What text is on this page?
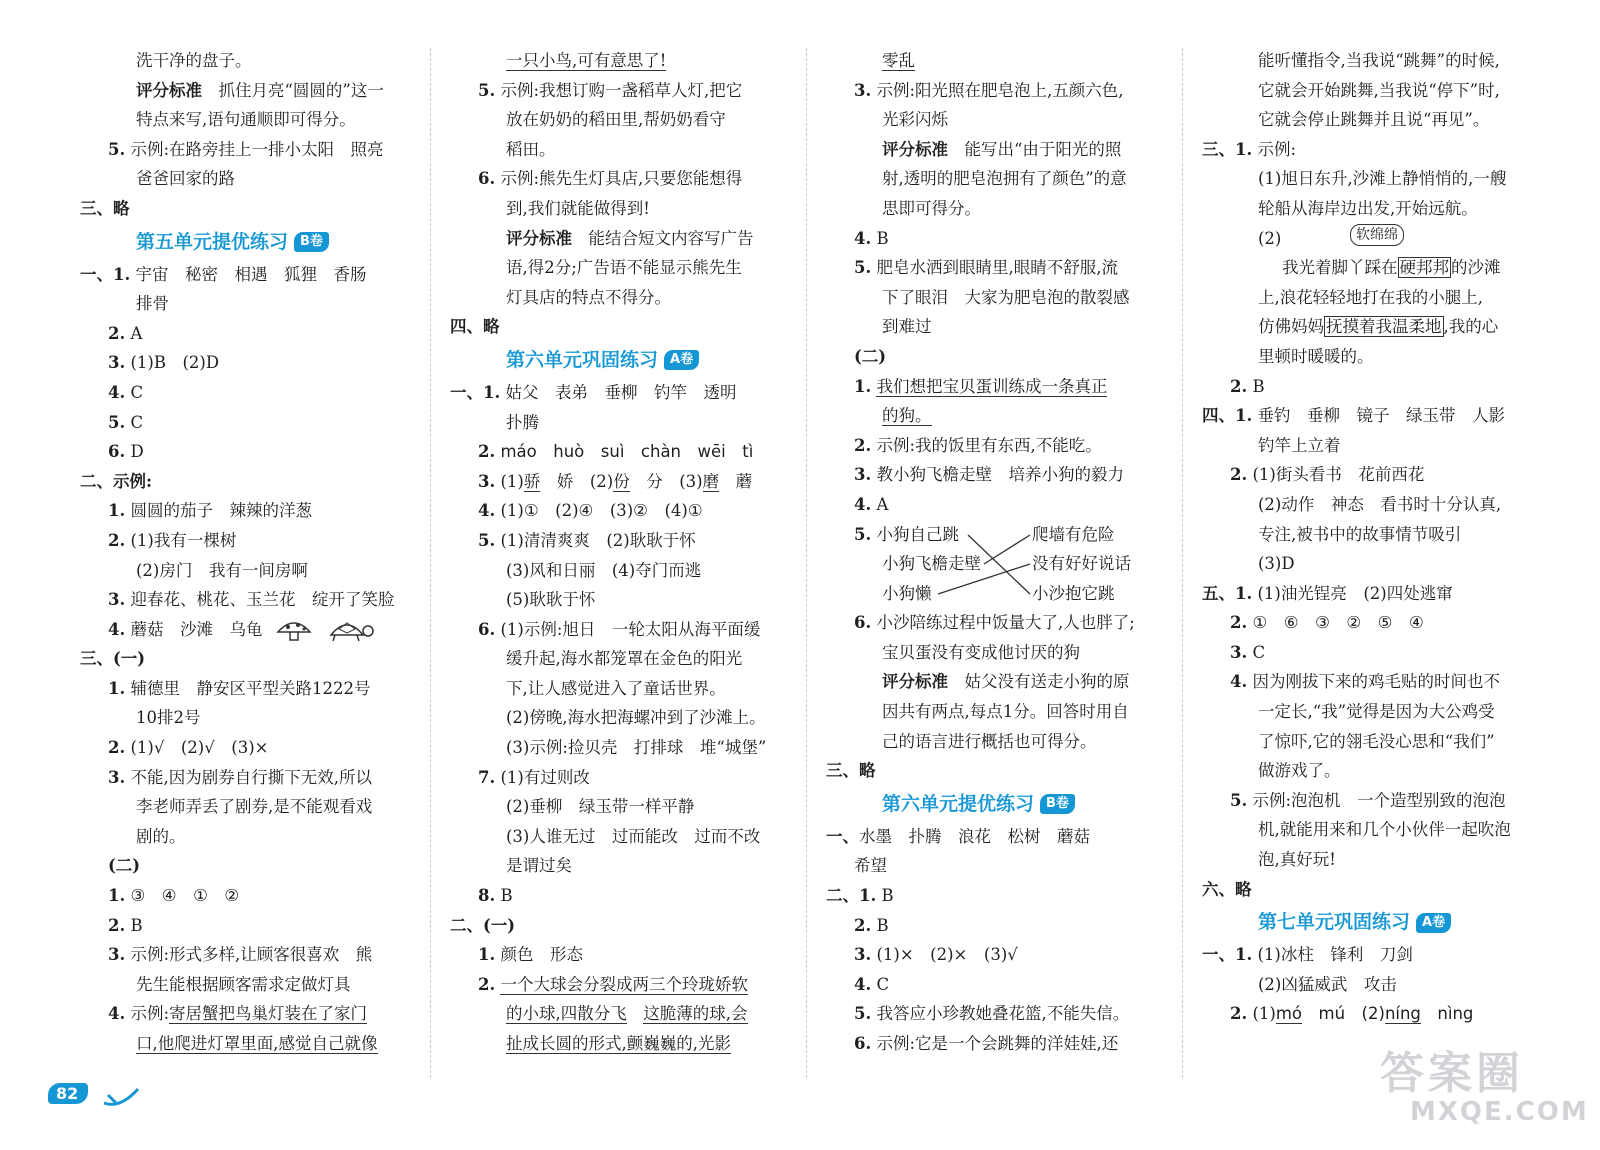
洗干净的盘子。
评分标准　 抓住月亮“圆圆的”这一
特点来写,语句通顺即可得分。
5. 示例:在路旁挂上一排小太阳　照亮
爸爸回家的路
三、略
第五单元提优练习 B卷
一、1. 宇宙　秘密　相遇　狐狸　香肠
排骨
2. A
3. (1)B　(2)D
4. C
5. C
6. D
二、示例:
1. 圆圆的茄子　辣辣的洋葱
2. (1)我有一棵树
(2)房门　我有一间房啊
3. 迎春花、桃花、玉兰花　绽开了笑脸
4. 蘑菇　沙滩　乌龟
三、(一)
1. 辅德里　静安区平型关路1222号
10排2号
2. (1)√　(2)√　(3)×
3. 不能,因为剧券自行撕下无效,所以
李老师弄丢了剧券,是不能观看戏
剧的。
(二)
1. ③　④　①　②
2. B
3. 示例:形式多样,让顾客很喜欢　熊
先生能根据顾客需求定做灯具
4. 示例:寄居蟹把鸟巢灯装在了家门
口,他爬进灯罩里面,感觉自己就像
一只小鸟,可有意思了!
5. 示例:我想订购一盏稻草人灯,把它
放在奶奶的稻田里,帮奶奶看守
稻田。
6. 示例:熊先生灯具店,只要您能想得
到,我们就能做得到!
评分标准　 能结合短文内容写广告
语,得2分;广告语不能显示熊先生
灯具店的特点不得分。
四、略
第六单元巩固练习 A卷
一、1. 姑父　表弟　垂柳　钓竿　透明
扑腾
2. máo　huò　suì　chàn　wēi　tì
3. (1)骄　娇　(2)份　分　(3)磨　蘑
4. (1)①　(2)④　(3)②　(4)①
5. (1)清清爽爽　(2)耿耿于怀
(3)风和日丽　(4)夺门而逃
(5)耿耿于怀
6. (1)示例:旭日　一轮太阳从海平面缓
缓升起,海水都笼罩在金色的阳光
下,让人感觉进入了童话世界。
(2)傍晚,海水把海螺冲到了沙滩上。
(3)示例:捡贝壳　打排球　堆“城堡”
7. (1)有过则改
(2)垂柳　绿玉带一样平静
(3)人谁无过　过而能改　过而不改
是谓过矣
8. B
二、(一)
1. 颜色　形态
2. 一个大球会分裂成两三个玲珑娇软
的小球,四散分飞　 这脆薄的球,会
扯成长圆的形式,颤巍巍的,光影
零乱
3. 示例:阳光照在肥皂泡上,五颜六色,
光彩闪烁
评分标准　 能写出“由于阳光的照
射,透明的肥皂泡拥有了颜色”的意
思即可得分。
4. B
5. 肥皂水洒到眼睛里,眼睛不舒服,流
下了眼泪　大家为肥皂泡的散裂感
到难过
(二)
1. 我们想把宝贝蛋训练成一条真正
的狗。
2. 示例:我的饭里有东西,不能吃。
3. 教小狗飞檐走壁　培养小狗的毅力
4. A
5. 小狗自己跳
小狗飞檐走壁
小狗懒
爬墙有危险
没有好好说话
小沙抱它跳
6. 小沙陪练过程中饭量大了,人也胖了;
宝贝蛋没有变成他讨厌的狗
评分标准　 姑父没有送走小狗的原
因共有两点,每点1分。回答时用自
己的语言进行概括也可得分。
三、略
第六单元提优练习 B卷
一、水墨　扑腾　浪花　松树　蘑菇
希望
二、1. B
2. B
3. (1)×　(2)×　(3)√
4. C
5. 我答应小珍教她叠花篮,不能失信。
6. 示例:它是一个会跳舞的洋娃娃,还
能听懂指令,当我说“跳舞”的时候,
它就会开始跳舞,当我说“停下”时,
它就会停止跳舞并且说“再见”。
三、1. 示例:
(1)旭日东升,沙滩上静悄悄的,一艘
轮船从海岸边出发,开始远航。
(2)	软绵绵
我光着脚丫踩在 硬邦邦 的沙滩
上,浪花轻轻地打在我的小腿上,
仿佛妈妈 抚摸着我温柔地 ,我的心
里顿时暖暖的。
2. B
四、1. 垂钓　垂柳　镜子　绿玉带　人影
钓竿上立着
2. (1)街头看书　花前西花
(2)动作　神态　看书时十分认真,
专注,被书中的故事情节吸引
(3)D
五、1. (1)油光锃亮　(2)四处逃窜
2. ①　⑥　③　②　⑤　④
3. C
4. 因为刚拔下来的鸡毛贴的时间也不
一定长,“我”觉得是因为大公鸡受
了惊吓,它的翎毛没心思和“我们”
做游戏了。
5. 示例:泡泡机　一个造型别致的泡泡
机,就能用来和几个小伙伴一起吹泡
泡,真好玩!
六、略
第七单元巩固练习 A卷
一、1. (1)冰柱　锋利　刀剑
(2)凶猛威武　攻击
2. (1)mó　mú　(2)níng　nìng
82	答案圈
MXQE.COM
